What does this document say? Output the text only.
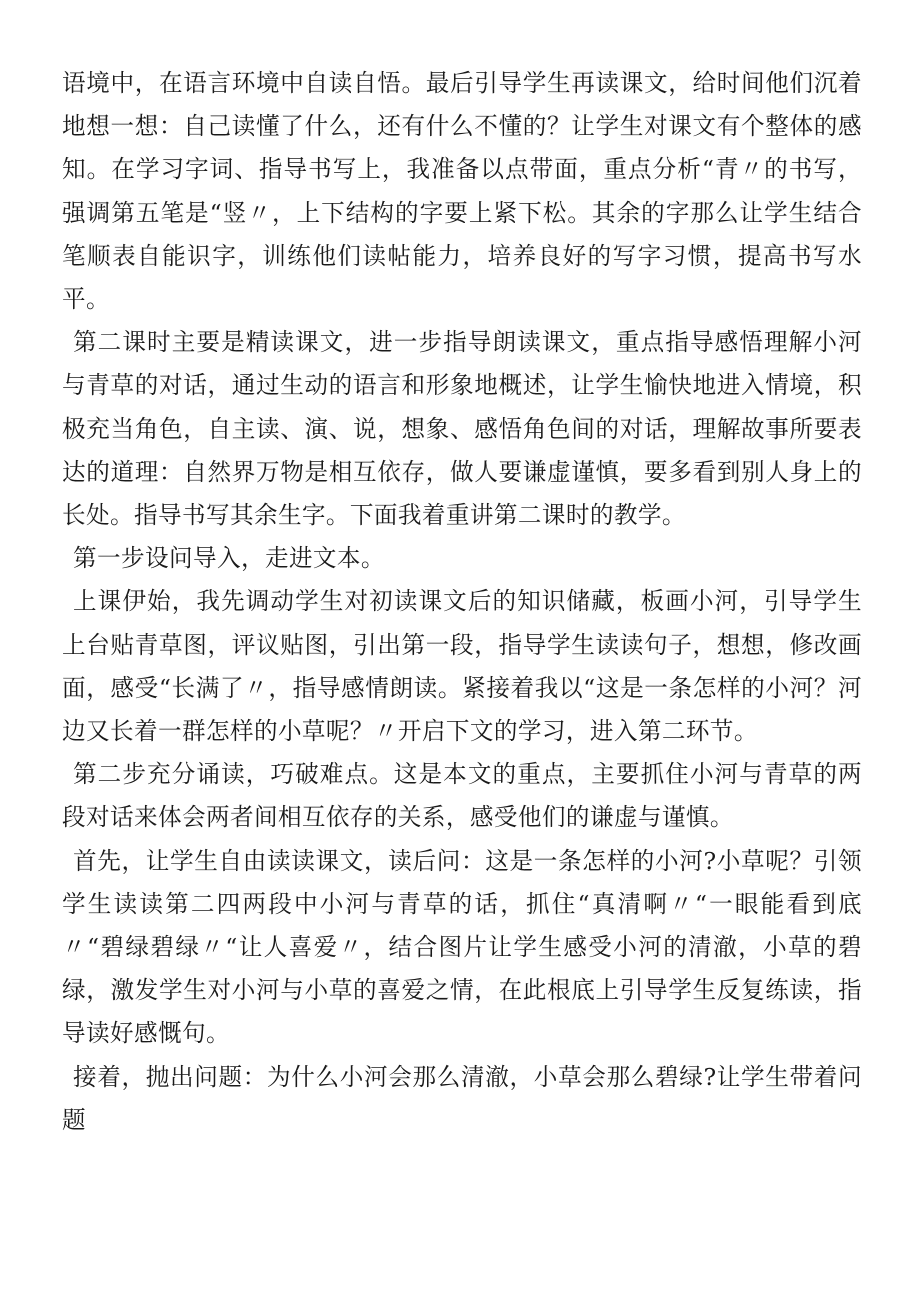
语境中，在语言环境中自读自悟。最后引导学生再读课文，给时间他们沉着地想一想：自己读懂了什么，还有什么不懂的？让学生对课文有个整体的感知。在学习字词、指导书写上，我准备以点带面，重点分析“青〃的书写，强调第五笔是“竖〃，上下结构的字要上紧下松。其余的字那么让学生结合笔顺表自能识字，训练他们读帖能力，培养良好的写字习惯，提高书写水平。

第二课时主要是精读课文，进一步指导朗读课文，重点指导感悟理解小河与青草的对话，通过生动的语言和形象地概述，让学生愉快地进入情境，积极充当角色，自主读、演、说，想象、感悟角色间的对话，理解故事所要表达的道理：自然界万物是相互依存，做人要谦虚谨慎，要多看到别人身上的长处。指导书写其余生字。下面我着重讲第二课时的教学。

第一步设问导入，走进文本。

上课伊始，我先调动学生对初读课文后的知识储藏，板画小河，引导学生上台贴青草图，评议贴图，引出第一段，指导学生读读句子，想想，修改画面，感受“长满了〃，指导感情朗读。紧接着我以“这是一条怎样的小河？河边又长着一群怎样的小草呢？〃开启下文的学习，进入第二环节。

第二步充分诵读，巧破难点。这是本文的重点，主要抓住小河与青草的两段对话来体会两者间相互依存的关系，感受他们的谦虚与谨慎。

首先，让学生自由读读课文，读后问：这是一条怎样的小河?小草呢？引领学生读读第二四两段中小河与青草的话，抓住“真清啊〃“一眼能看到底〃“碧绿碧绿〃“让人喜爱〃，结合图片让学生感受小河的清澈，小草的碧绿，激发学生对小河与小草的喜爱之情，在此根底上引导学生反复练读，指导读好感慨句。

接着，抛出问题：为什么小河会那么清澈，小草会那么碧绿?让学生带着问题
